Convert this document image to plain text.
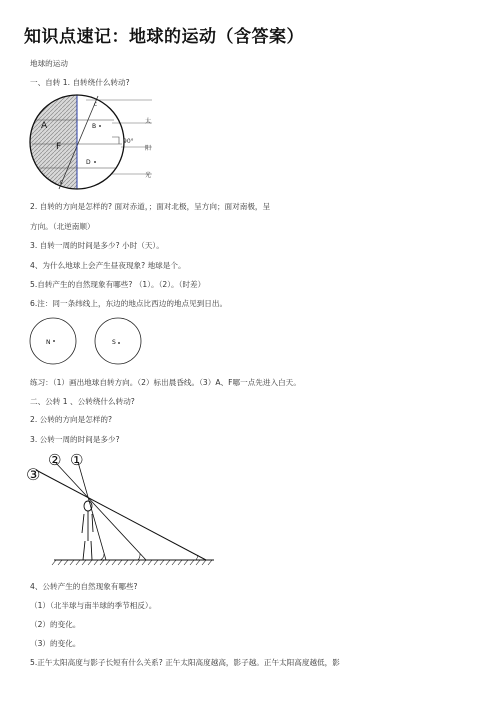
知识点速记：地球的运动（含答案）
地球的运动
一、自转 1. 自转绕什么转动?
A
F
B
D
C
E
90°
太
阳
光
2. 自转的方向是怎样的? 面对赤道，；面对北极，呈方向；面对南极，呈
方向。（北逆南顺）
3. 自转一周的时间是多少? 小时（天）。
4、为什么地球上会产生昼夜现象? 地球是个。
5.自转产生的自然现象有哪些? （1）。（2）。（时差）
6.注：同一条纬线上，东边的地点比西边的地点见到日出。
N	S
练习：（1）画出地球自转方向。（2）标出晨昏线。（3）A、F哪一点先进入白天。
二、公转 1 、公转绕什么转动?
2. 公转的方向是怎样的?
3. 公转一周的时间是多少?
③
② ①
4、公转产生的自然现象有哪些?
（1）（北半球与南半球的季节相反）。
（2）的变化。
（3）的变化。
5.正午太阳高度与影子长短有什么关系? 正午太阳高度越高，影子越。正午太阳高度越低，影
